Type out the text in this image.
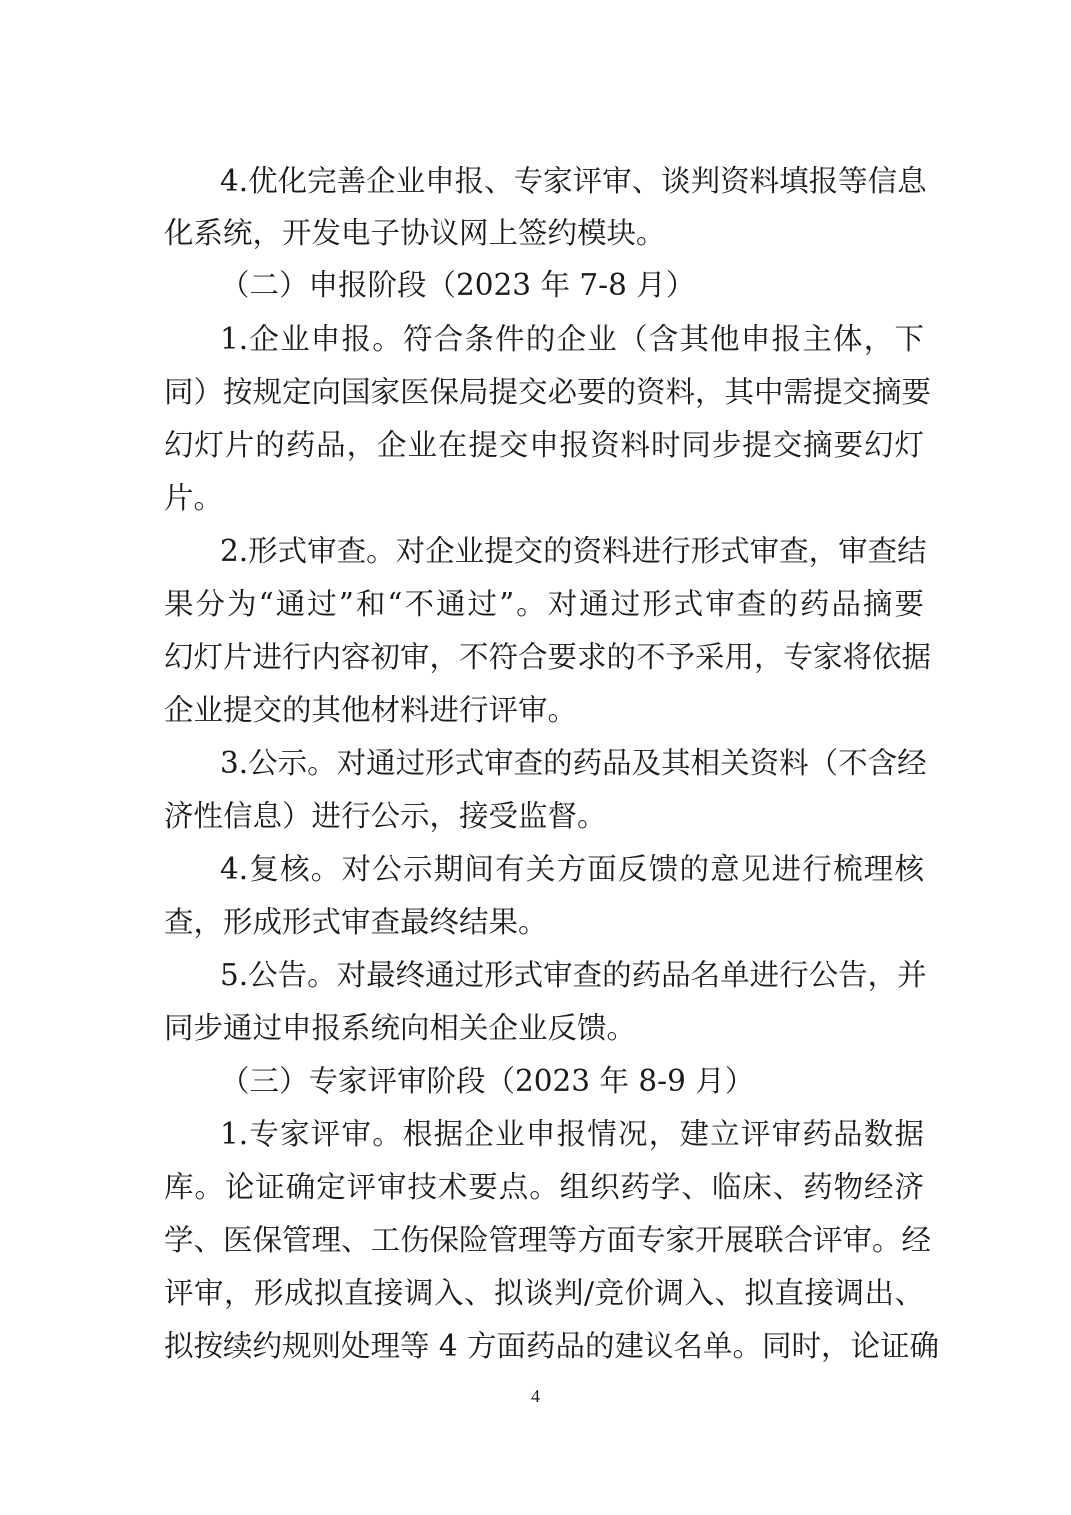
4.优化完善企业申报、专家评审、谈判资料填报等信息
化系统，开发电子协议网上签约模块。
（二）申报阶段（2023 年 7-8 月）
1.企业申报。符合条件的企业（含其他申报主体，下
同）按规定向国家医保局提交必要的资料，其中需提交摘要
幻灯片的药品，企业在提交申报资料时同步提交摘要幻灯
片。
2.形式审查。对企业提交的资料进行形式审查，审查结
果分为“通过”和“不通过”。对通过形式审查的药品摘要
幻灯片进行内容初审，不符合要求的不予采用，专家将依据
企业提交的其他材料进行评审。
3.公示。对通过形式审查的药品及其相关资料（不含经
济性信息）进行公示，接受监督。
4.复核。对公示期间有关方面反馈的意见进行梳理核
查，形成形式审查最终结果。
5.公告。对最终通过形式审查的药品名单进行公告，并
同步通过申报系统向相关企业反馈。
（三）专家评审阶段（2023 年 8-9 月）
1.专家评审。根据企业申报情况，建立评审药品数据
库。论证确定评审技术要点。组织药学、临床、药物经济
学、医保管理、工伤保险管理等方面专家开展联合评审。经
评审，形成拟直接调入、拟谈判/竞价调入、拟直接调出、
拟按续约规则处理等 4 方面药品的建议名单。同时，论证确
4
